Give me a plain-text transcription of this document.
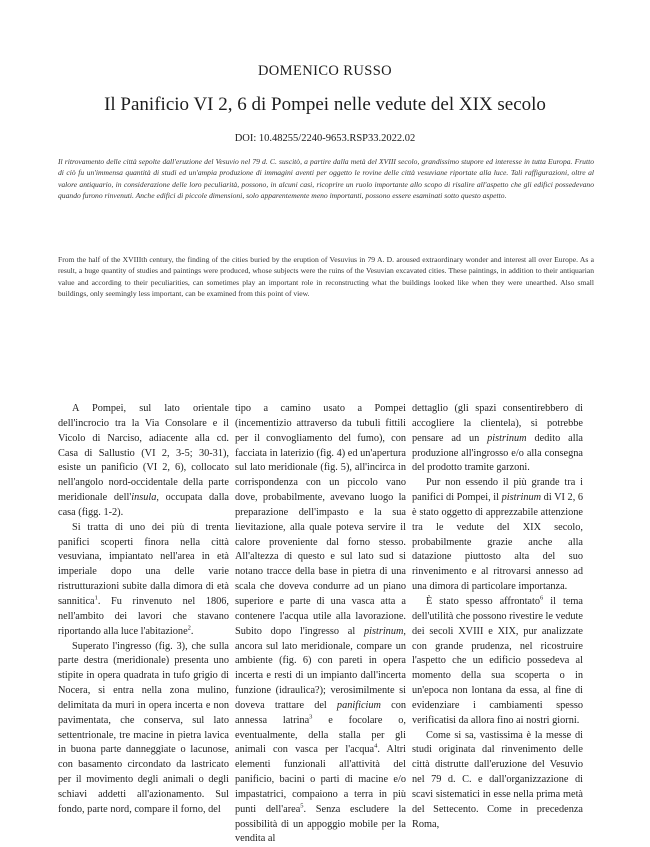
DOMENICO RUSSO
Il Panificio VI 2, 6 di Pompei nelle vedute del XIX secolo
DOI: 10.48255/2240-9653.RSP33.2022.02
Il ritrovamento delle città sepolte dall'eruzione del Vesuvio nel 79 d. C. suscitò, a partire dalla metà del XVIII secolo, grandissimo stupore ed interesse in tutta Europa. Frutto di ciò fu un'immensa quantità di studi ed un'ampia produzione di immagini aventi per oggetto le rovine delle città vesuviane riportate alla luce. Tali raffigurazioni, oltre al valore antiquario, in considerazione delle loro peculiarità, possono, in alcuni casi, ricoprire un ruolo importante allo scopo di risalire all'aspetto che gli edifici possedevano quando furono rinvenuti. Anche edifici di piccole dimensioni, solo apparentemente meno importanti, possono essere esaminati sotto questo aspetto.
From the half of the XVIIIth century, the finding of the cities buried by the eruption of Vesuvius in 79 A. D. aroused extraordinary wonder and interest all over Europe. As a result, a huge quantity of studies and paintings were produced, whose subjects were the ruins of the Vesuvian excavated cities. These paintings, in addition to their antiquarian value and according to their peculiarities, can sometimes play an important role in reconstructing what the buildings looked like when they were unearthed. Also small buildings, only seemingly less important, can be examined from this point of view.

A Pompei, sul lato orientale dell'incrocio tra la Via Consolare e il Vicolo di Narciso, adiacente alla cd. Casa di Sallustio (VI 2, 3-5; 30-31), esiste un panificio (VI 2, 6), collocato nell'angolo nord-occidentale della parte meridionale dell'insula, occupata dalla casa (figg. 1-2).

Si tratta di uno dei più di trenta panifici scoperti finora nella città vesuviana, impiantato nell'area in età imperiale dopo una delle varie ristrutturazioni subite dalla dimora di età sannitica$^1$. Fu rinvenuto nel 1806, nell'ambito dei lavori che stavano riportando alla luce l'abitazione$^2$.

Superato l'ingresso (fig. 3), che sulla parte destra (meridionale) presenta uno stipite in opera quadrata in tufo grigio di Nocera, si entra nella zona mulino, delimitata da muri in opera incerta e non pavimentata, che conserva, sul lato settentrionale, tre macine in pietra lavica in buona parte danneggiate o lacunose, con basamento circondato da lastricato per il movimento degli animali o degli schiavi addetti all'azionamento. Sul fondo, parte nord, compare il forno, del

tipo a camino usato a Pompei (incementizio attraverso da tubuli fittili per il convogliamento del fumo), con facciata in laterizio (fig. 4) ed un'apertura sul lato meridionale (fig. 5), all'incirca in corrispondenza con un piccolo vano dove, probabilmente, avevano luogo la preparazione dell'impasto e la sua lievitazione, alla quale poteva servire il calore proveniente dal forno stesso. All'altezza di questo e sul lato sud si notano tracce della base in pietra di una scala che doveva condurre ad un piano superiore e parte di una vasca atta a contenere l'acqua utile alla lavorazione. Subito dopo l'ingresso al pistrinum, ancora sul lato meridionale, compare un ambiente (fig. 6) con pareti in opera incerta e resti di un impianto dall'incerta funzione (idraulica?); verosimilmente si doveva trattare del panificium con annessa latrina$^3$ e focolare o, eventualmente, della stalla per gli animali con vasca per l'acqua$^4$. Altri elementi funzionali all'attività del panificio, bacini o parti di macine e/o impastatrici, compaiono a terra in più punti dell'area$^5$. Senza escludere la possibilità di un appoggio mobile per la vendita al

dettaglio (gli spazi consentirebbero di accogliere la clientela), si potrebbe pensare ad un pistrinum dedito alla produzione all'ingrosso e/o alla consegna del prodotto tramite garzoni.

Pur non essendo il più grande tra i panifici di Pompei, il pistrinum di VI 2, 6 è stato oggetto di apprezzabile attenzione tra le vedute del XIX secolo, probabilmente grazie anche alla datazione piuttosto alta del suo rinvenimento e al ritrovarsi annesso ad una dimora di particolare importanza.

È stato spesso affrontato$^6$ il tema dell'utilità che possono rivestire le vedute dei secoli XVIII e XIX, pur analizzate con grande prudenza, nel ricostruire l'aspetto che un edificio possedeva al momento della sua scoperta o in un'epoca non lontana da essa, al fine di evidenziare i cambiamenti spesso verificatisi da allora fino ai nostri giorni.

Come si sa, vastissima è la messe di studi originata dal rinvenimento delle città distrutte dall'eruzione del Vesuvio nel 79 d. C. e dall'organizzazione di scavi sistematici in esse nella prima metà del Settecento. Come in precedenza Roma,
